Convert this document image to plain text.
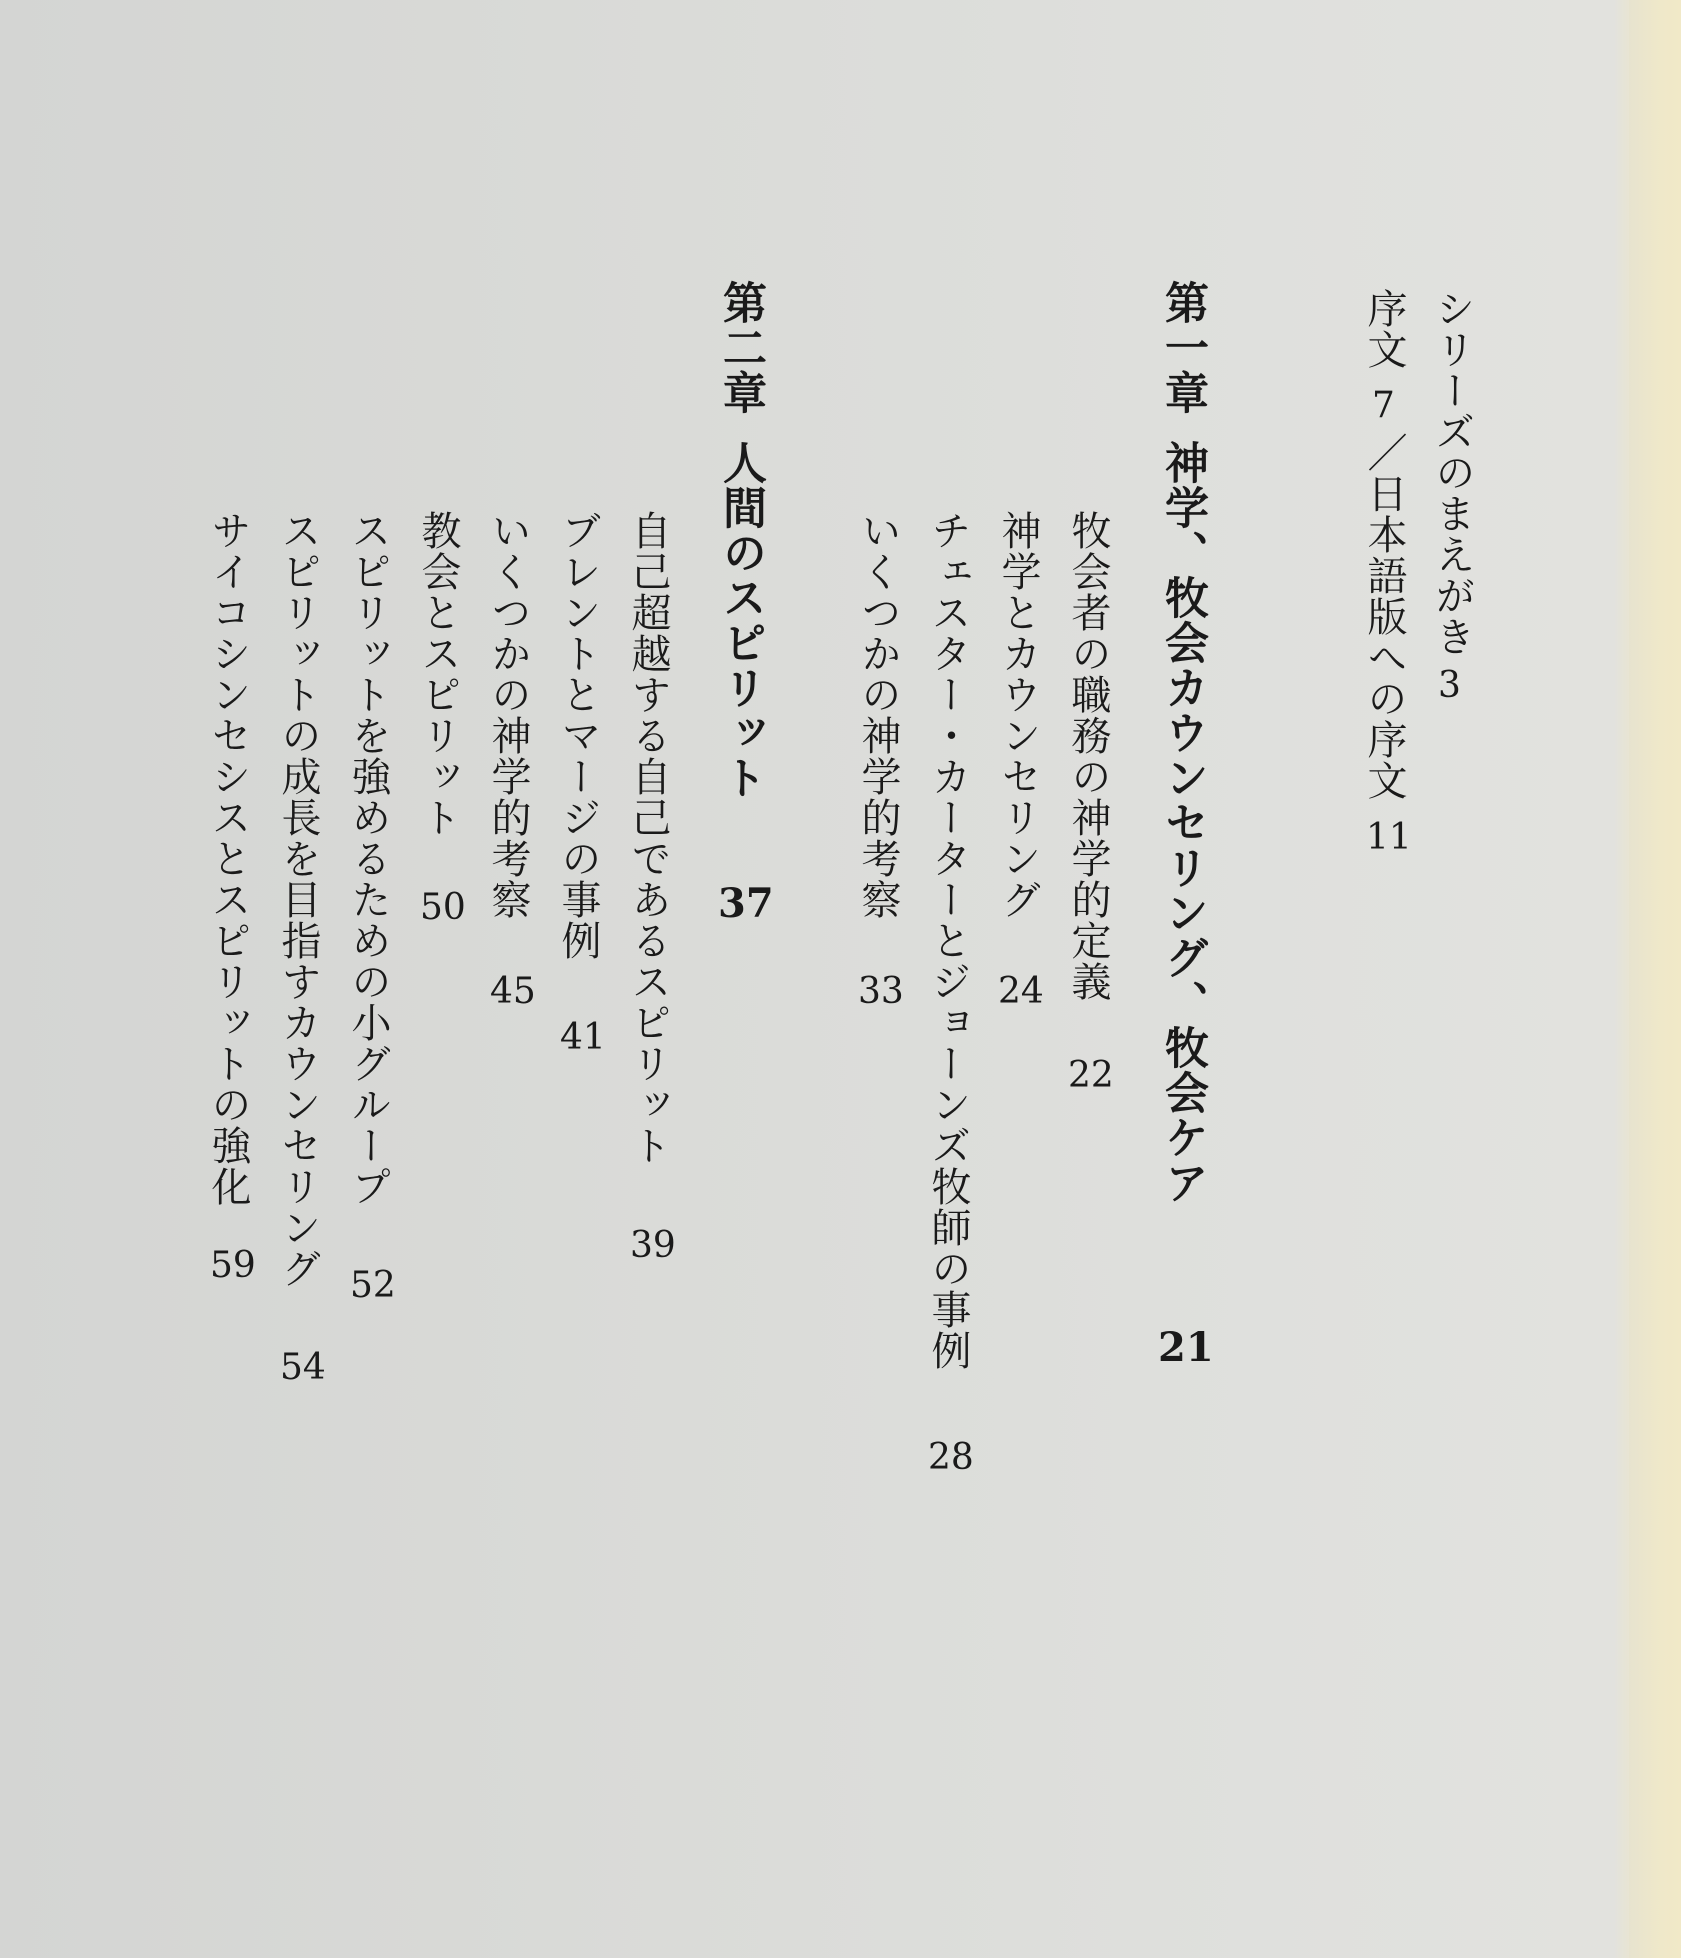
シリーズのまえがき
3
序文
7
／日本語版への序文
11
第一章
神学、牧会カウンセリング、牧会ケア
21
牧会者の職務の神学的定義
22
神学とカウンセリング
24
チェスター・カーターとジョーンズ牧師の事例
28
いくつかの神学的考察
33
第二章
人間のスピリット
37
自己超越する自己であるスピリット
39
ブレントとマージの事例
41
いくつかの神学的考察
45
教会とスピリット
50
スピリットを強めるための小グループ
52
スピリットの成長を目指すカウンセリング
54
サイコシンセシスとスピリットの強化
59
